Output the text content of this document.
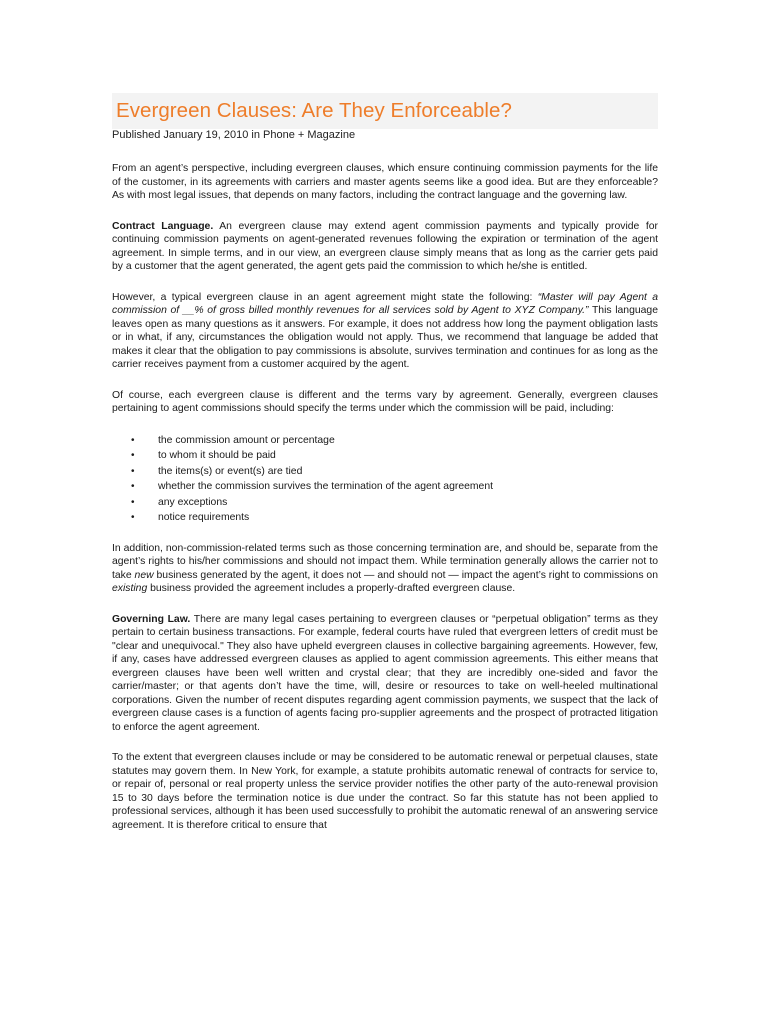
Evergreen Clauses: Are They Enforceable?

Published January 19, 2010 in Phone + Magazine

From an agent’s perspective, including evergreen clauses, which ensure continuing commission payments for the life of the customer, in its agreements with carriers and master agents seems like a good idea. But are they enforceable? As with most legal issues, that depends on many factors, including the contract language and the governing law.

Contract Language. An evergreen clause may extend agent commission payments and typically provide for continuing commission payments on agent-generated revenues following the expiration or termination of the agent agreement. In simple terms, and in our view, an evergreen clause simply means that as long as the carrier gets paid by a customer that the agent generated, the agent gets paid the commission to which he/she is entitled.

However, a typical evergreen clause in an agent agreement might state the following: “Master will pay Agent a commission of __% of gross billed monthly revenues for all services sold by Agent to XYZ Company.” This language leaves open as many questions as it answers. For example, it does not address how long the payment obligation lasts or in what, if any, circumstances the obligation would not apply. Thus, we recommend that language be added that makes it clear that the obligation to pay commissions is absolute, survives termination and continues for as long as the carrier receives payment from a customer acquired by the agent.

Of course, each evergreen clause is different and the terms vary by agreement. Generally, evergreen clauses pertaining to agent commissions should specify the terms under which the commission will be paid, including:

• the commission amount or percentage
• to whom it should be paid
• the items(s) or event(s) are tied
• whether the commission survives the termination of the agent agreement
• any exceptions
• notice requirements

In addition, non-commission-related terms such as those concerning termination are, and should be, separate from the agent’s rights to his/her commissions and should not impact them. While termination generally allows the carrier not to take new business generated by the agent, it does not — and should not — impact the agent’s right to commissions on existing business provided the agreement includes a properly-drafted evergreen clause.

Governing Law. There are many legal cases pertaining to evergreen clauses or “perpetual obligation” terms as they pertain to certain business transactions. For example, federal courts have ruled that evergreen letters of credit must be "clear and unequivocal." They also have upheld evergreen clauses in collective bargaining agreements. However, few, if any, cases have addressed evergreen clauses as applied to agent commission agreements. This either means that evergreen clauses have been well written and crystal clear; that they are incredibly one-sided and favor the carrier/master; or that agents don’t have the time, will, desire or resources to take on well-heeled multinational corporations. Given the number of recent disputes regarding agent commission payments, we suspect that the lack of evergreen clause cases is a function of agents facing pro-supplier agreements and the prospect of protracted litigation to enforce the agent agreement.

To the extent that evergreen clauses include or may be considered to be automatic renewal or perpetual clauses, state statutes may govern them. In New York, for example, a statute prohibits automatic renewal of contracts for service to, or repair of, personal or real property unless the service provider notifies the other party of the auto-renewal provision 15 to 30 days before the termination notice is due under the contract. So far this statute has not been applied to professional services, although it has been used successfully to prohibit the automatic renewal of an answering service agreement. It is therefore critical to ensure that
